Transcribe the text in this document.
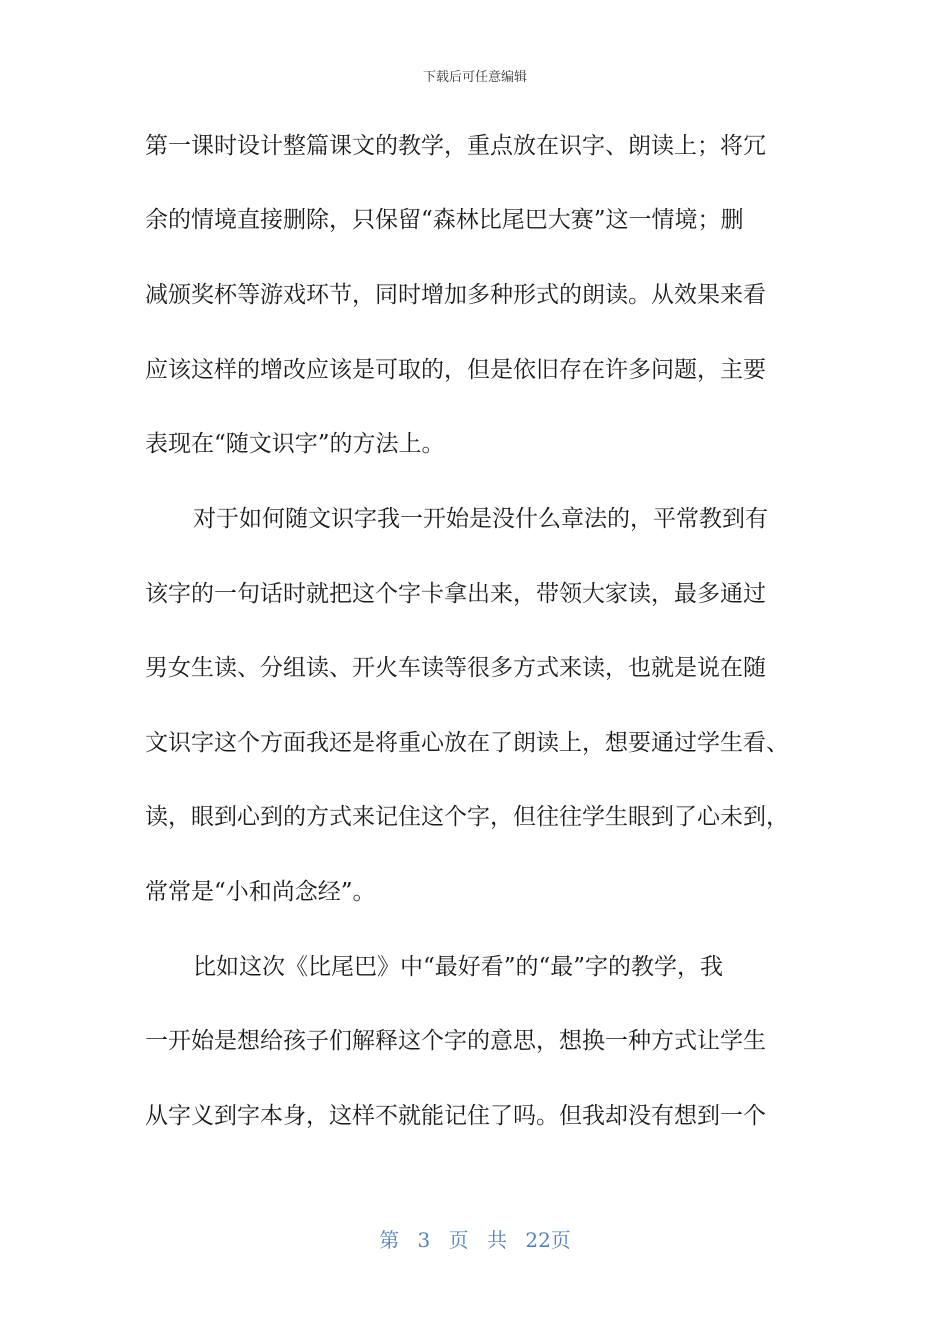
下载后可任意编辑
第一课时设计整篇课文的教学，重点放在识字、朗读上；将冗
余的情境直接删除，只保留“森林比尾巴大赛”这一情境；删
减颁奖杯等游戏环节，同时增加多种形式的朗读。从效果来看
应该这样的增改应该是可取的，但是依旧存在许多问题，主要
表现在“随文识字”的方法上。
对于如何随文识字我一开始是没什么章法的，平常教到有
该字的一句话时就把这个字卡拿出来，带领大家读，最多通过
男女生读、分组读、开火车读等很多方式来读，也就是说在随
文识字这个方面我还是将重心放在了朗读上，想要通过学生看、
读，眼到心到的方式来记住这个字，但往往学生眼到了心未到，
常常是“小和尚念经”。
比如这次《比尾巴》中“最好看”的“最”字的教学，我
一开始是想给孩子们解释这个字的意思，想换一种方式让学生
从字义到字本身，这样不就能记住了吗。但我却没有想到一个
第 3 页 共 22页
